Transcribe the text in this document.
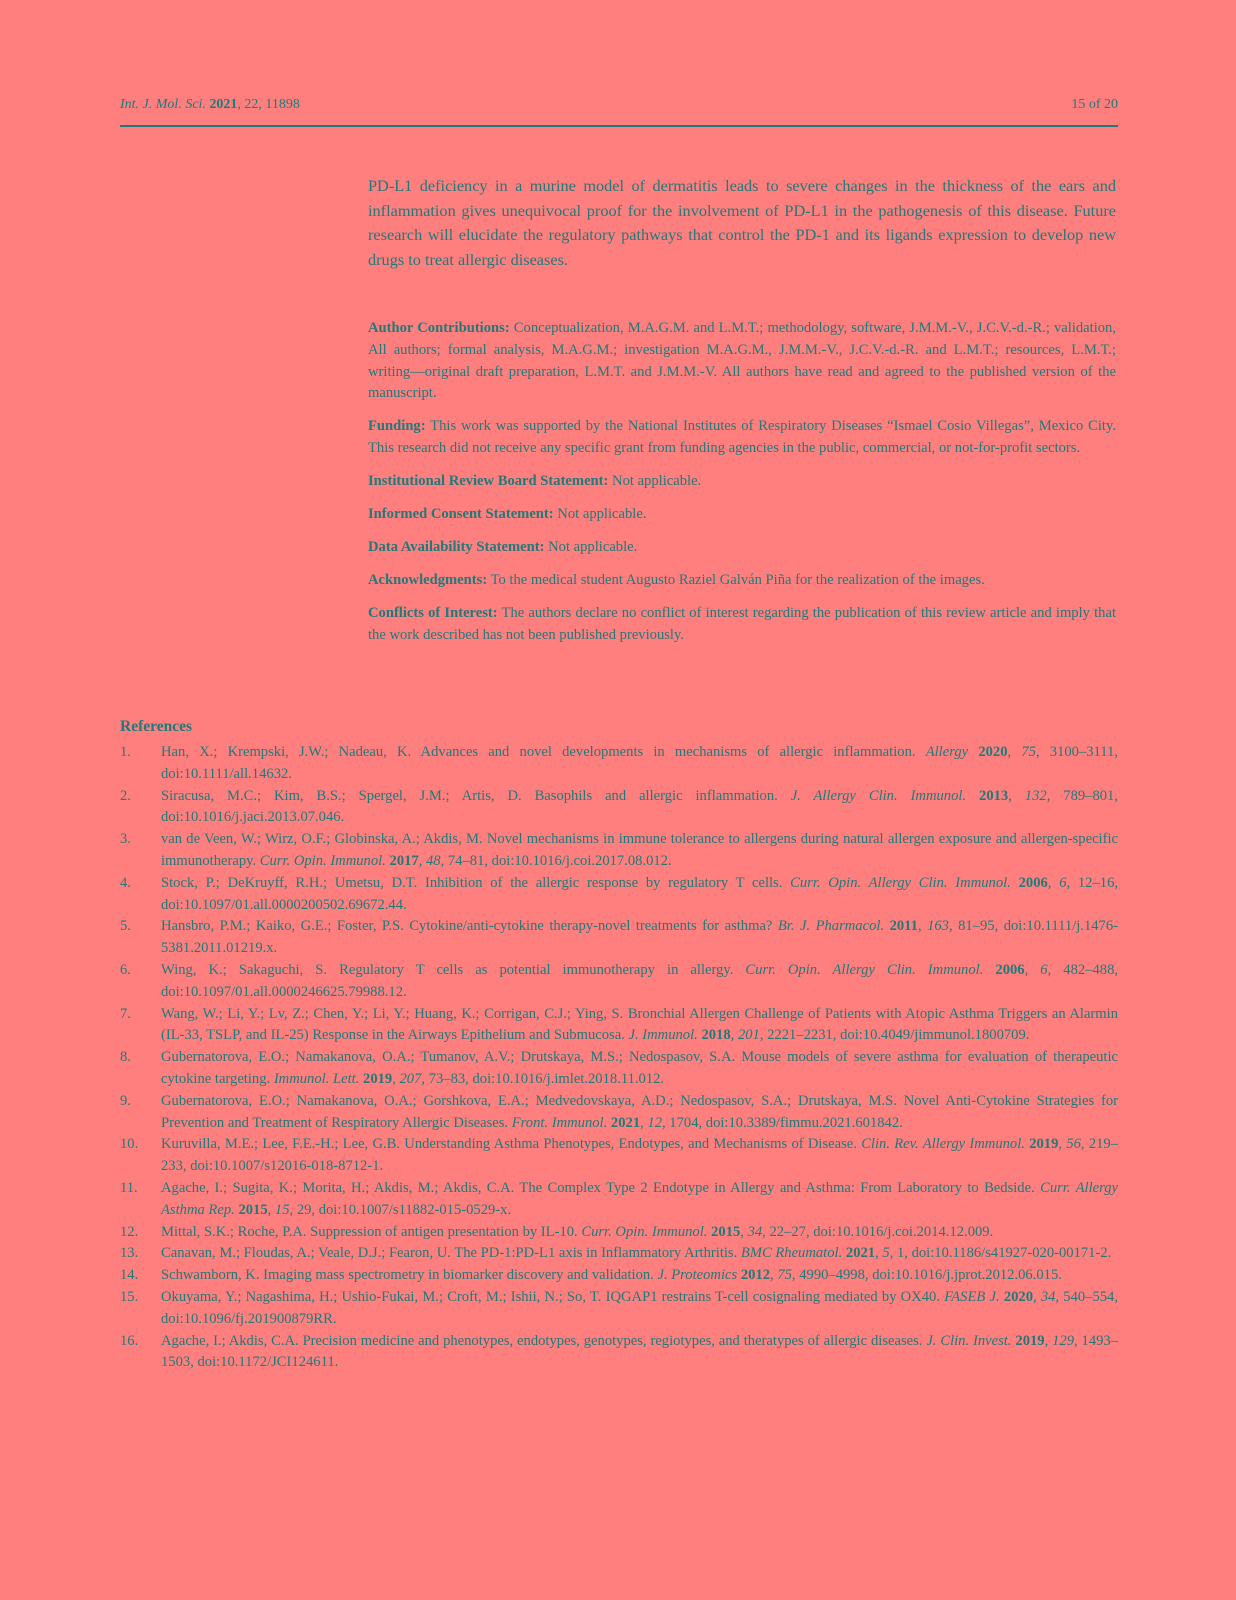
Int. J. Mol. Sci. 2021, 22, 11898	15 of 20

PD-L1 deficiency in a murine model of dermatitis leads to severe changes in the thickness of the ears and inflammation gives unequivocal proof for the involvement of PD-L1 in the pathogenesis of this disease. Future research will elucidate the regulatory pathways that control the PD-1 and its ligands expression to develop new drugs to treat allergic diseases.

Author Contributions: Conceptualization, M.A.G.M. and L.M.T.; methodology, software, J.M.M.-V., J.C.V.-d.-R.; validation, All authors; formal analysis, M.A.G.M.; investigation M.A.G.M., J.M.M.-V., J.C.V.-d.-R. and L.M.T.; resources, L.M.T.; writing—original draft preparation, L.M.T. and J.M.M.-V. All authors have read and agreed to the published version of the manuscript.

Funding: This work was supported by the National Institutes of Respiratory Diseases “Ismael Cosio Villegas”, Mexico City. This research did not receive any specific grant from funding agencies in the public, commercial, or not-for-profit sectors.

Institutional Review Board Statement: Not applicable.

Informed Consent Statement: Not applicable.

Data Availability Statement: Not applicable.

Acknowledgments: To the medical student Augusto Raziel Galván Piña for the realization of the images.

Conflicts of Interest: The authors declare no conflict of interest regarding the publication of this review article and imply that the work described has not been published previously.

References
1. Han, X.; Krempski, J.W.; Nadeau, K. Advances and novel developments in mechanisms of allergic inflammation. Allergy 2020, 75, 3100–3111, doi:10.1111/all.14632.
2. Siracusa, M.C.; Kim, B.S.; Spergel, J.M.; Artis, D. Basophils and allergic inflammation. J. Allergy Clin. Immunol. 2013, 132, 789–801, doi:10.1016/j.jaci.2013.07.046.
3. van de Veen, W.; Wirz, O.F.; Globinska, A.; Akdis, M. Novel mechanisms in immune tolerance to allergens during natural allergen exposure and allergen-specific immunotherapy. Curr. Opin. Immunol. 2017, 48, 74–81, doi:10.1016/j.coi.2017.08.012.
4. Stock, P.; DeKruyff, R.H.; Umetsu, D.T. Inhibition of the allergic response by regulatory T cells. Curr. Opin. Allergy Clin. Immunol. 2006, 6, 12–16, doi:10.1097/01.all.0000200502.69672.44.
5. Hansbro, P.M.; Kaiko, G.E.; Foster, P.S. Cytokine/anti-cytokine therapy-novel treatments for asthma? Br. J. Pharmacol. 2011, 163, 81–95, doi:10.1111/j.1476-5381.2011.01219.x.
6. Wing, K.; Sakaguchi, S. Regulatory T cells as potential immunotherapy in allergy. Curr. Opin. Allergy Clin. Immunol. 2006, 6, 482–488, doi:10.1097/01.all.0000246625.79988.12.
7. Wang, W.; Li, Y.; Lv, Z.; Chen, Y.; Li, Y.; Huang, K.; Corrigan, C.J.; Ying, S. Bronchial Allergen Challenge of Patients with Atopic Asthma Triggers an Alarmin (IL-33, TSLP, and IL-25) Response in the Airways Epithelium and Submucosa. J. Immunol. 2018, 201, 2221–2231, doi:10.4049/jimmunol.1800709.
8. Gubernatorova, E.O.; Namakanova, O.A.; Tumanov, A.V.; Drutskaya, M.S.; Nedospasov, S.A. Mouse models of severe asthma for evaluation of therapeutic cytokine targeting. Immunol. Lett. 2019, 207, 73–83, doi:10.1016/j.imlet.2018.11.012.
9. Gubernatorova, E.O.; Namakanova, O.A.; Gorshkova, E.A.; Medvedovskaya, A.D.; Nedospasov, S.A.; Drutskaya, M.S. Novel Anti-Cytokine Strategies for Prevention and Treatment of Respiratory Allergic Diseases. Front. Immunol. 2021, 12, 1704, doi:10.3389/fimmu.2021.601842.
10. Kuruvilla, M.E.; Lee, F.E.-H.; Lee, G.B. Understanding Asthma Phenotypes, Endotypes, and Mechanisms of Disease. Clin. Rev. Allergy Immunol. 2019, 56, 219–233, doi:10.1007/s12016-018-8712-1.
11. Agache, I.; Sugita, K.; Morita, H.; Akdis, M.; Akdis, C.A. The Complex Type 2 Endotype in Allergy and Asthma: From Laboratory to Bedside. Curr. Allergy Asthma Rep. 2015, 15, 29, doi:10.1007/s11882-015-0529-x.
12. Mittal, S.K.; Roche, P.A. Suppression of antigen presentation by IL-10. Curr. Opin. Immunol. 2015, 34, 22–27, doi:10.1016/j.coi.2014.12.009.
13. Canavan, M.; Floudas, A.; Veale, D.J.; Fearon, U. The PD-1:PD-L1 axis in Inflammatory Arthritis. BMC Rheumatol. 2021, 5, 1, doi:10.1186/s41927-020-00171-2.
14. Schwamborn, K. Imaging mass spectrometry in biomarker discovery and validation. J. Proteomics 2012, 75, 4990–4998, doi:10.1016/j.jprot.2012.06.015.
15. Okuyama, Y.; Nagashima, H.; Ushio-Fukai, M.; Croft, M.; Ishii, N.; So, T. IQGAP1 restrains T-cell cosignaling mediated by OX40. FASEB J. 2020, 34, 540–554, doi:10.1096/fj.201900879RR.
16. Agache, I.; Akdis, C.A. Precision medicine and phenotypes, endotypes, genotypes, regiotypes, and theratypes of allergic diseases. J. Clin. Invest. 2019, 129, 1493–1503, doi:10.1172/JCI124611.
